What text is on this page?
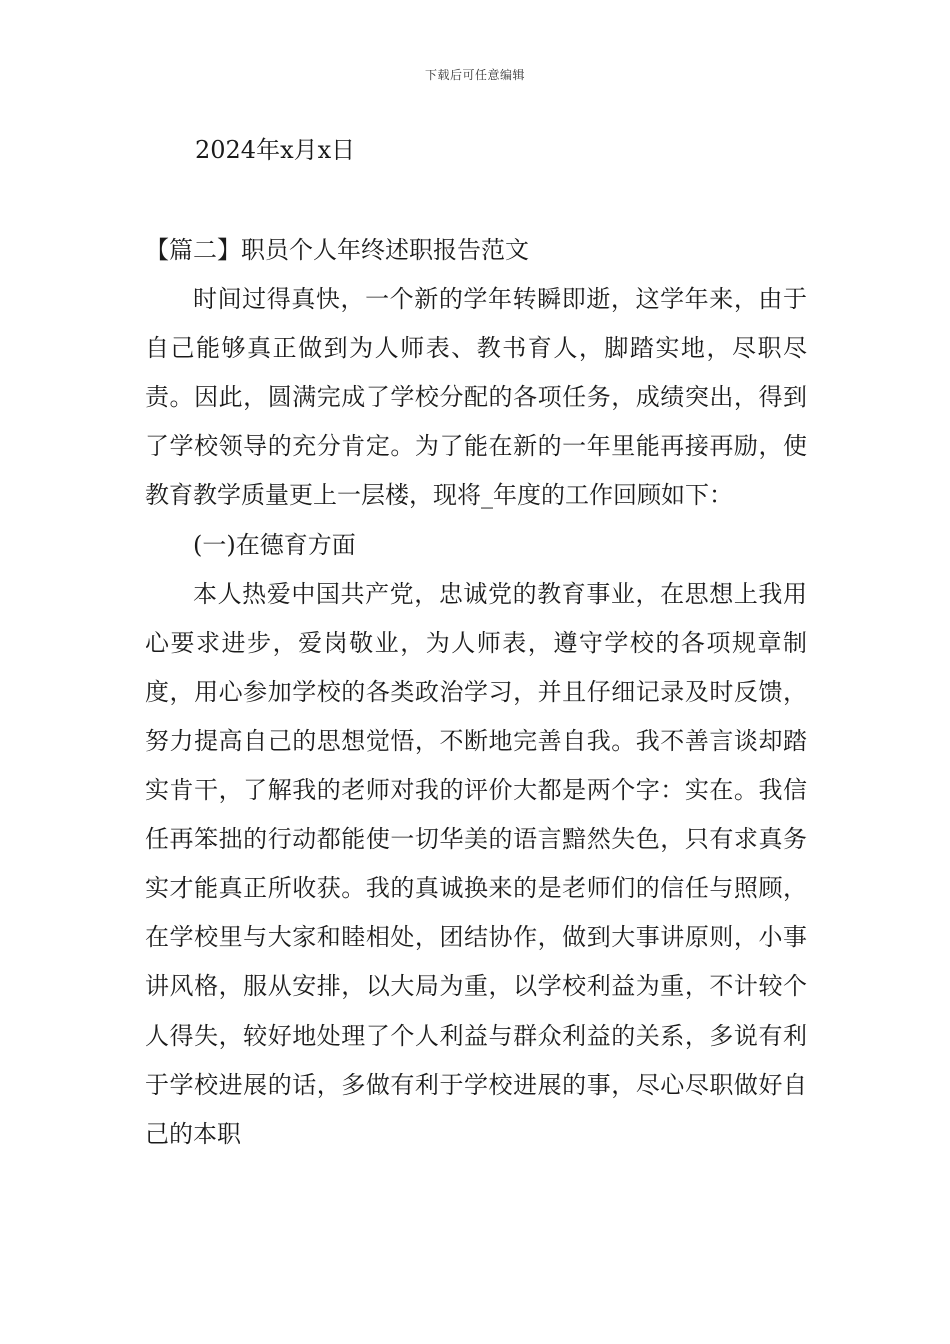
下载后可任意编辑
2024年x月x日

【篇二】职员个人年终述职报告范文

时间过得真快，一个新的学年转瞬即逝，这学年来，由于自己能够真正做到为人师表、教书育人，脚踏实地，尽职尽责。因此，圆满完成了学校分配的各项任务，成绩突出，得到了学校领导的充分肯定。为了能在新的一年里能再接再励，使教育教学质量更上一层楼，现将_年度的工作回顾如下：

(一)在德育方面

本人热爱中国共产党，忠诚党的教育事业，在思想上我用心要求进步，爱岗敬业，为人师表，遵守学校的各项规章制度，用心参加学校的各类政治学习，并且仔细记录及时反馈，努力提高自己的思想觉悟，不断地完善自我。我不善言谈却踏实肯干，了解我的老师对我的评价大都是两个字：实在。我信任再笨拙的行动都能使一切华美的语言黯然失色，只有求真务实才能真正所收获。我的真诚换来的是老师们的信任与照顾，在学校里与大家和睦相处，团结协作，做到大事讲原则，小事讲风格，服从安排，以大局为重，以学校利益为重，不计较个人得失，较好地处理了个人利益与群众利益的关系，多说有利于学校进展的话，多做有利于学校进展的事，尽心尽职做好自己的本职
